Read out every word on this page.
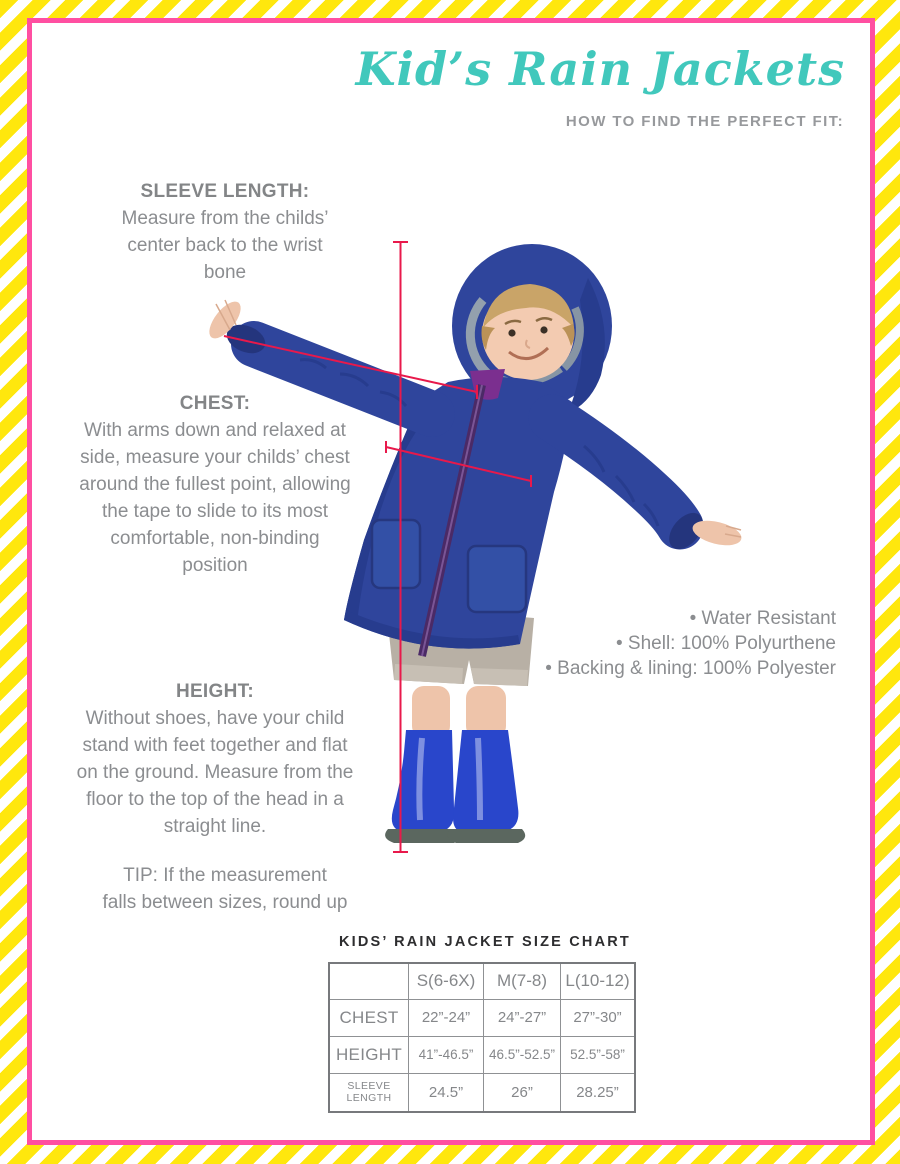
Kid’s Rain Jackets
HOW TO FIND THE PERFECT FIT:
SLEEVE LENGTH:
Measure from the childs’
center back to the wrist
bone
CHEST:
With arms down and relaxed at
side, measure your childs’ chest
around the fullest point, allowing
the tape to slide to its most
comfortable, non-binding
position
HEIGHT:
Without shoes, have your child
stand with feet together and flat
on the ground. Measure from the
floor to the top of the head in a
straight line.
TIP: If the measurement
falls between sizes, round up
• Water Resistant
• Shell: 100% Polyurthene
• Backing & lining: 100% Polyester
KIDS’ RAIN JACKET SIZE CHART
	S(6-6X)	M(7-8)	L(10-12)
CHEST	22”-24”	24”-27”	27”-30”
HEIGHT	41”-46.5”	46.5”-52.5”	52.5”-58”
SLEEVE LENGTH	24.5”	26”	28.25”
